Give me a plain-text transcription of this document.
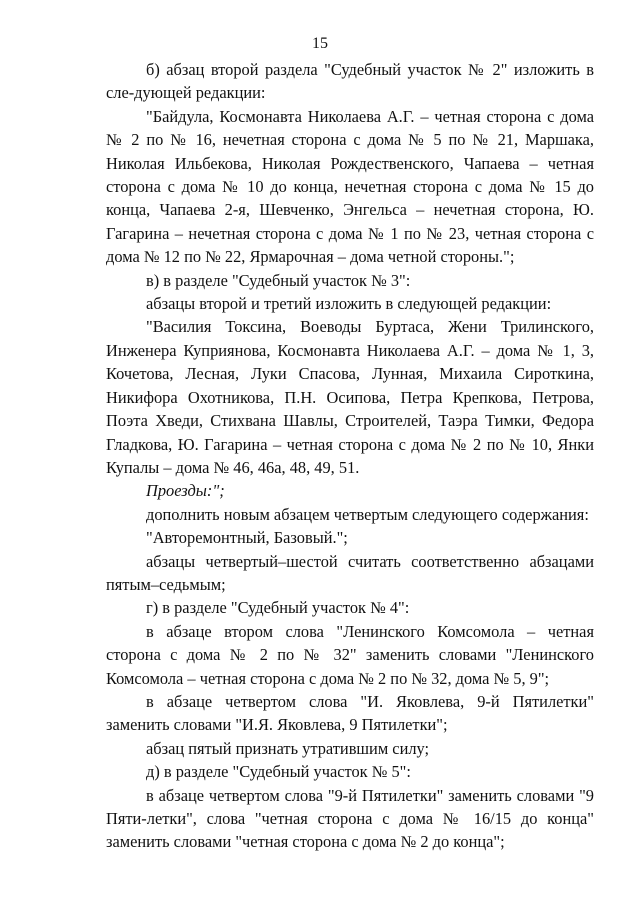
15

б) абзац второй раздела "Судебный участок № 2" изложить в сле-дующей редакции:

"Байдула, Космонавта Николаева А.Г. – четная сторона с дома № 2 по № 16, нечетная сторона с дома № 5 по № 21, Маршака, Николая Ильбекова, Николая Рождественского, Чапаева – четная сторона с дома № 10 до конца, нечетная сторона с дома № 15 до конца, Чапаева 2-я, Шевченко, Энгельса – нечетная сторона, Ю. Гагарина – нечетная сторона с дома № 1 по № 23, четная сторона с дома № 12 по № 22, Ярмарочная – дома четной стороны.";

в) в разделе "Судебный участок № 3":

абзацы второй и третий изложить в следующей редакции:

"Василия Токсина, Воеводы Буртаса, Жени Трилинского, Инженера Куприянова, Космонавта Николаева А.Г. – дома № 1, 3, Кочетова, Лесная, Луки Спасова, Лунная, Михаила Сироткина, Никифора Охотникова, П.Н. Осипова, Петра Крепкова, Петрова, Поэта Хведи, Стихвана Шавлы, Строителей, Таэра Тимки, Федора Гладкова, Ю. Гагарина – четная сторона с дома № 2 по № 10, Янки Купалы – дома № 46, 46а, 48, 49, 51.

Проезды:";

дополнить новым абзацем четвертым следующего содержания:

"Авторемонтный, Базовый.";

абзацы четвертый–шестой считать соответственно абзацами пятым–седьмым;

г) в разделе "Судебный участок № 4":

в абзаце втором слова "Ленинского Комсомола – четная сторона с дома № 2 по № 32" заменить словами "Ленинского Комсомола – четная сторона с дома № 2 по № 32, дома № 5, 9";

в абзаце четвертом слова "И. Яковлева, 9-й Пятилетки" заменить словами "И.Я. Яковлева, 9 Пятилетки";

абзац пятый признать утратившим силу;

д) в разделе "Судебный участок № 5":

в абзаце четвертом слова "9-й Пятилетки" заменить словами "9 Пяти-летки", слова "четная сторона с дома № 16/15 до конца" заменить словами "четная сторона с дома № 2 до конца";
